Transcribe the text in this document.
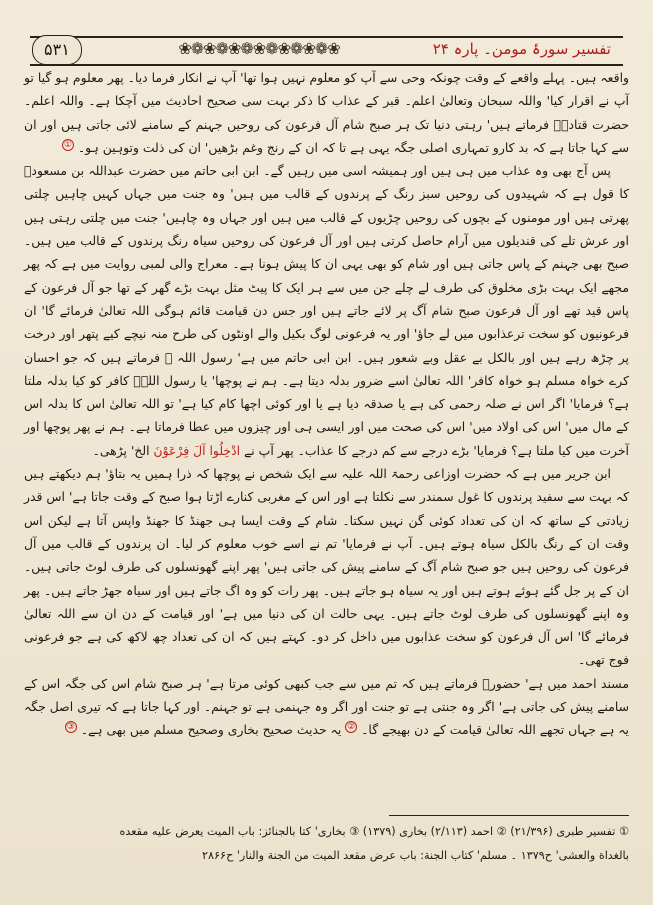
❀❁❀❁❀❁❀❁❀❁❀❁❀	تفسیر سورۂ مومن۔ پارہ ۲۴
۵۳۱

واقعہ ہیں۔ پہلے واقعے کے وقت چونکہ وحی سے آپ کو معلوم نہیں ہوا تھا' آپ نے انکار فرما دیا۔ پھر معلوم ہو گیا تو آپ نے اقرار کیا' واللہ سبحان وتعالیٰ اعلم۔ قبر کے عذاب کا ذکر بہت سی صحیح احادیث میں آچکا ہے۔ واللہ اعلم۔ حضرت قتادہؒ فرماتے ہیں' رہتی دنیا تک ہر صبح شام آل فرعون کی روحیں جہنم کے سامنے لائی جاتی ہیں اور ان سے کہا جاتا ہے کہ بد کارو تمہاری اصلی جگہ یہی ہے تا کہ ان کے رنج وغم بڑھیں' ان کی ذلت وتوہین ہو۔ ①

پس آج بھی وہ عذاب میں ہی ہیں اور ہمیشہ اسی میں رہیں گے۔ ابن ابی حاتم میں حضرت عبداللہ بن مسعودؓ کا قول ہے کہ شہیدوں کی روحیں سبز رنگ کے پرندوں کے قالب میں ہیں' وہ جنت میں جہاں کہیں چاہیں چلتی پھرتی ہیں اور مومنوں کے بچوں کی روحیں چڑیوں کے قالب میں ہیں اور جہاں وہ چاہیں' جنت میں چلتی رہتی ہیں اور عرش تلے کی قندیلوں میں آرام حاصل کرتی ہیں اور آل فرعون کی روحیں سیاہ رنگ پرندوں کے قالب میں ہیں۔ صبح بھی جہنم کے پاس جاتی ہیں اور شام کو بھی یہی ان کا پیش ہونا ہے۔ معراج والی لمبی روایت میں ہے کہ پھر مجھے ایک بہت بڑی مخلوق کی طرف لے چلے جن میں سے ہر ایک کا پیٹ مثل بہت بڑے گھر کے تھا جو آل فرعون کے پاس قید تھے اور آل فرعون صبح شام آگ پر لائے جاتے ہیں اور جس دن قیامت قائم ہوگی اللہ تعالیٰ فرمائے گا' ان فرعونیوں کو سخت ترعذابوں میں لے جاؤ' اور یہ فرعونی لوگ بکیل والے اونٹوں کی طرح منہ نیچے کیے پتھر اور درخت پر چڑھ رہے ہیں اور بالکل بے عقل وبے شعور ہیں۔ ابن ابی حاتم میں ہے' رسول اللہ ﷺ فرماتے ہیں کہ جو احسان کرے خواہ مسلم ہو خواہ کافر' اللہ تعالیٰ اسے ضرور بدلہ دیتا ہے۔ ہم نے پوچھا' یا رسول اللہؐ کافر کو کیا بدلہ ملتا ہے؟ فرمایا' اگر اس نے صلہ رحمی کی ہے یا صدقہ دیا ہے یا اور کوئی اچھا کام کیا ہے' تو اللہ تعالیٰ اس کا بدلہ اس کے مال میں' اس کی اولاد میں' اس کی صحت میں اور ایسی ہی اور چیزوں میں عطا فرماتا ہے۔ ہم نے پھر پوچھا اور آخرت میں کیا ملتا ہے؟ فرمایا' بڑے درجے سے کم درجے کا عذاب۔ پھر آپ نے ادْخِلُوا آلَ فِرْعَوْنَ الخ' پڑھی۔

ابن جریر میں ہے کہ حضرت اوزاعی رحمۃ اللہ علیہ سے ایک شخص نے پوچھا کہ ذرا ہمیں یہ بتاؤ' ہم دیکھتے ہیں کہ بہت سے سفید پرندوں کا غول سمندر سے نکلتا ہے اور اس کے مغربی کنارے اڑتا ہوا صبح کے وقت جاتا ہے' اس قدر زیادتی کے ساتھ کہ ان کی تعداد کوئی گن نہیں سکتا۔ شام کے وقت ایسا ہی جھنڈ کا جھنڈ واپس آتا ہے لیکن اس وقت ان کے رنگ بالکل سیاہ ہوتے ہیں۔ آپ نے فرمایا' تم نے اسے خوب معلوم کر لیا۔ ان پرندوں کے قالب میں آل فرعون کی روحیں ہیں جو صبح شام آگ کے سامنے پیش کی جاتی ہیں' پھر اپنے گھونسلوں کی طرف لوٹ جاتی ہیں۔ ان کے پر جل گئے ہوئے ہوتے ہیں اور یہ سیاہ ہو جاتے ہیں۔ پھر رات کو وہ اگ جاتے ہیں اور سیاہ جھڑ جاتے ہیں۔ پھر وہ اپنے گھونسلوں کی طرف لوٹ جاتے ہیں۔ یہی حالت ان کی دنیا میں ہے' اور قیامت کے دن ان سے اللہ تعالیٰ فرمائے گا' اس آل فرعون کو سخت عذابوں میں داخل کر دو۔ کہتے ہیں کہ ان کی تعداد چھ لاکھ کی ہے جو فرعونی فوج تھی۔

مسند احمد میں ہے' حضورؐ فرماتے ہیں کہ تم میں سے جب کبھی کوئی مرتا ہے' ہر صبح شام اس کی جگہ اس کے سامنے پیش کی جاتی ہے' اگر وہ جنتی ہے تو جنت اور اگر وہ جہنمی ہے تو جہنم۔ اور کہا جاتا ہے کہ تیری اصل جگہ یہ ہے جہاں تجھے اللہ تعالیٰ قیامت کے دن بھیجے گا۔ ② یہ حدیث صحیح بخاری وصحیح مسلم میں بھی ہے۔ ③

① تفسیر طبری (۲۱/۳۹۶) ② احمد (۲/۱۱۳) بخاری (۱۳۷۹) ③ بخاری' کتا بالجنائز: باب المیت یعرض علیه مقعده

بالغداة والعشی' ح۱۳۷۹ ۔ مسلم' کتاب الجنة: باب عرض مقعد المیت من الجنة والنار' ح۲۸۶۶
